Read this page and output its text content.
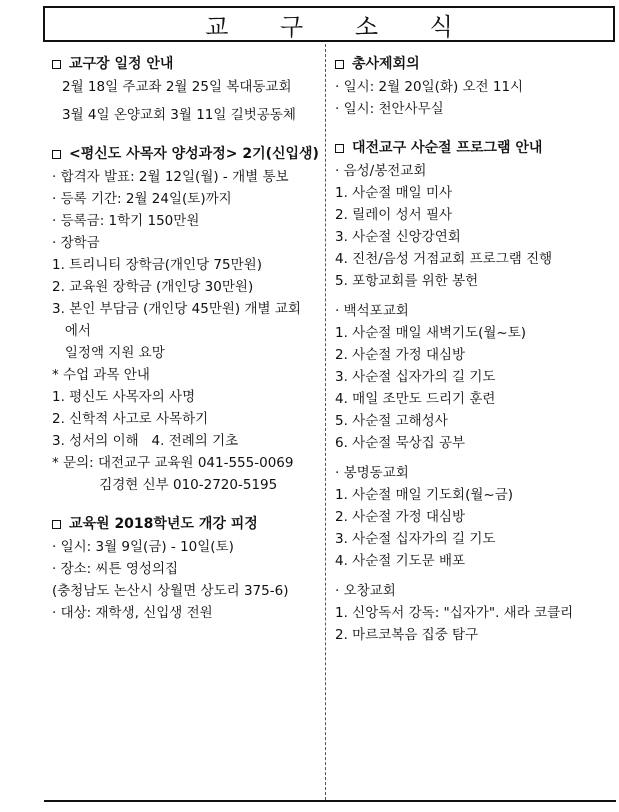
교 구 소 식
교구장 일정 안내
2월 18일 주교좌 2월 25일 복대동교회
3월 4일 온양교회 3월 11일 길벗공동체
<평신도 사목자 양성과정> 2기(신입생)
· 합격자 발표: 2월 12일(월) - 개별 통보
· 등록 기간: 2월 24일(토)까지
· 등록금: 1학기 150만원
· 장학금
1. 트리니티 장학금(개인당 75만원)
2. 교육원 장학금 (개인당 30만원)
3. 본인 부담금 (개인당 45만원) 개별 교회
에서
일정액 지원 요망
* 수업 과목 안내
1. 평신도 사목자의 사명
2. 신학적 사고로 사목하기
3. 성서의 이해   4. 전례의 기초
* 문의: 대전교구 교육원 041-555-0069
김경현 신부 010-2720-5195
교육원 2018학년도 개강 피정
· 일시: 3월 9일(금) - 10일(토)
· 장소: 씨튼 영성의집
(충청남도 논산시 상월면 상도리 375-6)
· 대상: 재학생, 신입생 전원
총사제회의
· 일시: 2월 20일(화) 오전 11시
· 일시: 천안사무실
대전교구 사순절 프로그램 안내
· 음성/봉전교회
1. 사순절 매일 미사
2. 릴레이 성서 필사
3. 사순절 신앙강연회
4. 진천/음성 거점교회 프로그램 진행
5. 포항교회를 위한 봉헌
· 백석포교회
1. 사순절 매일 새벽기도(월~토)
2. 사순절 가정 대심방
3. 사순절 십자가의 길 기도
4. 매일 조만도 드리기 훈련
5. 사순절 고해성사
6. 사순절 묵상집 공부
· 봉명동교회
1. 사순절 매일 기도회(월~금)
2. 사순절 가정 대심방
3. 사순절 십자가의 길 기도
4. 사순절 기도문 배포
· 오창교회
1. 신앙독서 강독: "십자가". 새라 코클리
2. 마르코복음 집중 탐구
